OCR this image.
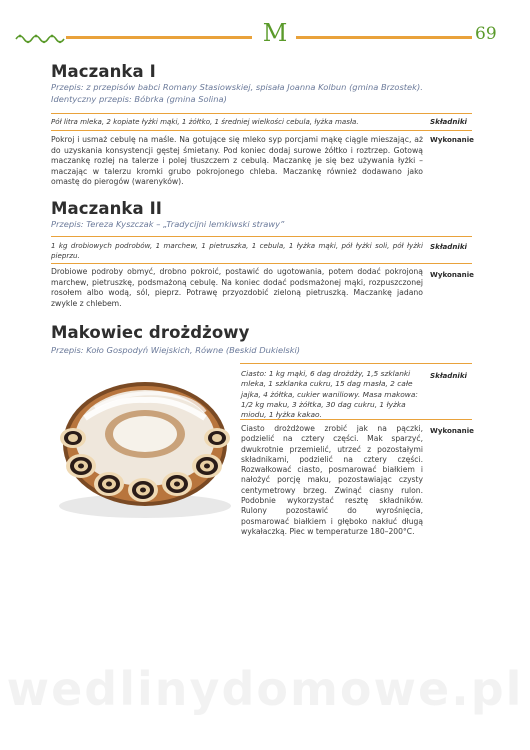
M	69
Maczanka I
Przepis: z przepisów babci Romany Stasiowskiej, spisała Joanna Kolbun (gmina Brzostek). Identyczny przepis: Bóbrka (gmina Solina)
Pół litra mleka, 2 kopiate łyżki mąki, 1 żółtko, 1 średniej wielkości cebula, łyżka masła.	Składniki
Pokroj i usmaż cebulę na maśle. Na gotujące się mleko syp porcjami mąkę ciągle mieszając, aż do uzyskania konsystencji gęstej śmietany. Pod koniec dodaj surowe żółtko i roztrzep. Gotową maczankę rozlej na talerze i polej tłuszczem z cebulą. Maczankę je się bez używania łyżki – maczając w talerzu kromki grubo pokrojonego chleba. Maczankę również dodawano jako omastę do pierogów (warenyków).
Wykonanie
Maczanka II
Przepis: Tereza Kyszczak – „Tradycijni lemkiwski strawy”
1 kg drobiowych podrobów, 1 marchew, 1 pietruszka, 1 cebula, 1 łyżka mąki, pół łyżki soli, pół łyżki pieprzu.
Składniki
Drobiowe podroby obmyć, drobno pokroić, postawić do ugotowania, potem dodać pokrojoną marchew, pietruszkę, podsmażoną cebulę. Na koniec dodać podsmażonej mąki, rozpuszczonej rosołem albo wodą, sól, pieprz. Potrawę przyozdobić zieloną pietruszką. Maczankę jadano zwykle z chlebem.
Wykonanie
Makowiec drożdżowy
Przepis: Koło Gospodyń Wiejskich, Równe (Beskid Dukielski)
Ciasto: 1 kg mąki, 6 dag drożdży, 1,5 szklanki mleka, 1 szklanka cukru, 15 dag masła, 2 całe jajka, 4 żółtka, cukier waniliowy. Masa makowa: 1/2 kg maku, 3 żółtka, 30 dag cukru, 1 łyżka miodu, 1 łyżka kakao.
Składniki
Ciasto drożdżowe zrobić jak na pączki, podzielić na cztery części. Mak sparzyć, dwukrotnie przemielić, utrzeć z pozostałymi składnikami, podzielić na cztery części. Rozwałkować ciasto, posmarować białkiem i nałożyć porcję maku, pozostawiając czysty centymetrowy brzeg. Zwinąć ciasny rulon. Podobnie wykorzystać resztę składników. Rulony pozostawić do wyrośnięcia, posmarować białkiem i głęboko nakłuć długą wykałaczką. Piec w temperaturze 180–200°C.
Wykonanie
wedlinydomowe.pl
